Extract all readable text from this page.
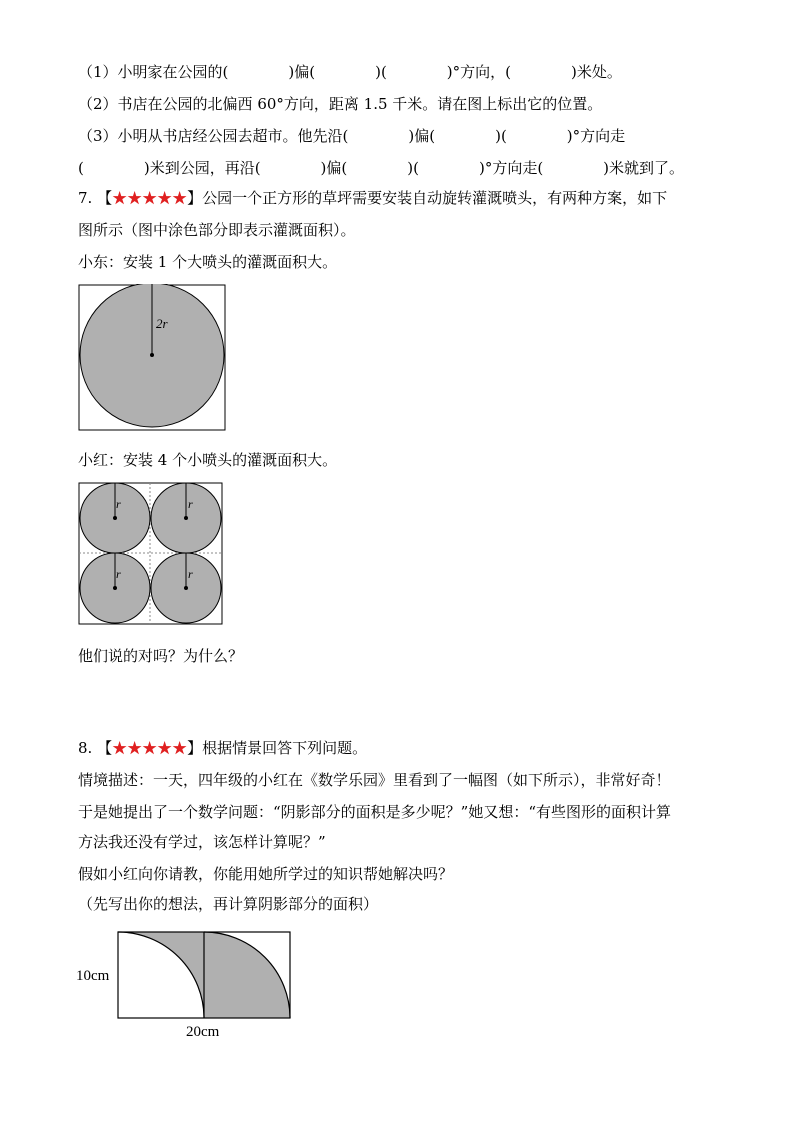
（1）小明家在公园的(　　　　)偏(　　　　)(　　　　)°方向，(　　　　)米处。
（2）书店在公园的北偏西 60°方向，距离 1.5 千米。请在图上标出它的位置。
（3）小明从书店经公园去超市。他先沿(　　　　)偏(　　　　)(　　　　)°方向走
(　　　　)米到公园，再沿(　　　　)偏(　　　　)(　　　　)°方向走(　　　　)米就到了。
7. 【★★★★★】公园一个正方形的草坪需要安装自动旋转灌溉喷头，有两种方案，如下
图所示（图中涂色部分即表示灌溉面积）。
小东：安装 1 个大喷头的灌溉面积大。
2r
小红：安装 4 个小喷头的灌溉面积大。
r	r
r	r
他们说的对吗？为什么？
8. 【★★★★★】根据情景回答下列问题。
情境描述：一天，四年级的小红在《数学乐园》里看到了一幅图（如下所示），非常好奇！
于是她提出了一个数学问题：“阴影部分的面积是多少呢？”她又想：“有些图形的面积计算
方法我还没有学过，该怎样计算呢？”
假如小红向你请教，你能用她所学过的知识帮她解决吗？
（先写出你的想法，再计算阴影部分的面积）
10cm
20cm
